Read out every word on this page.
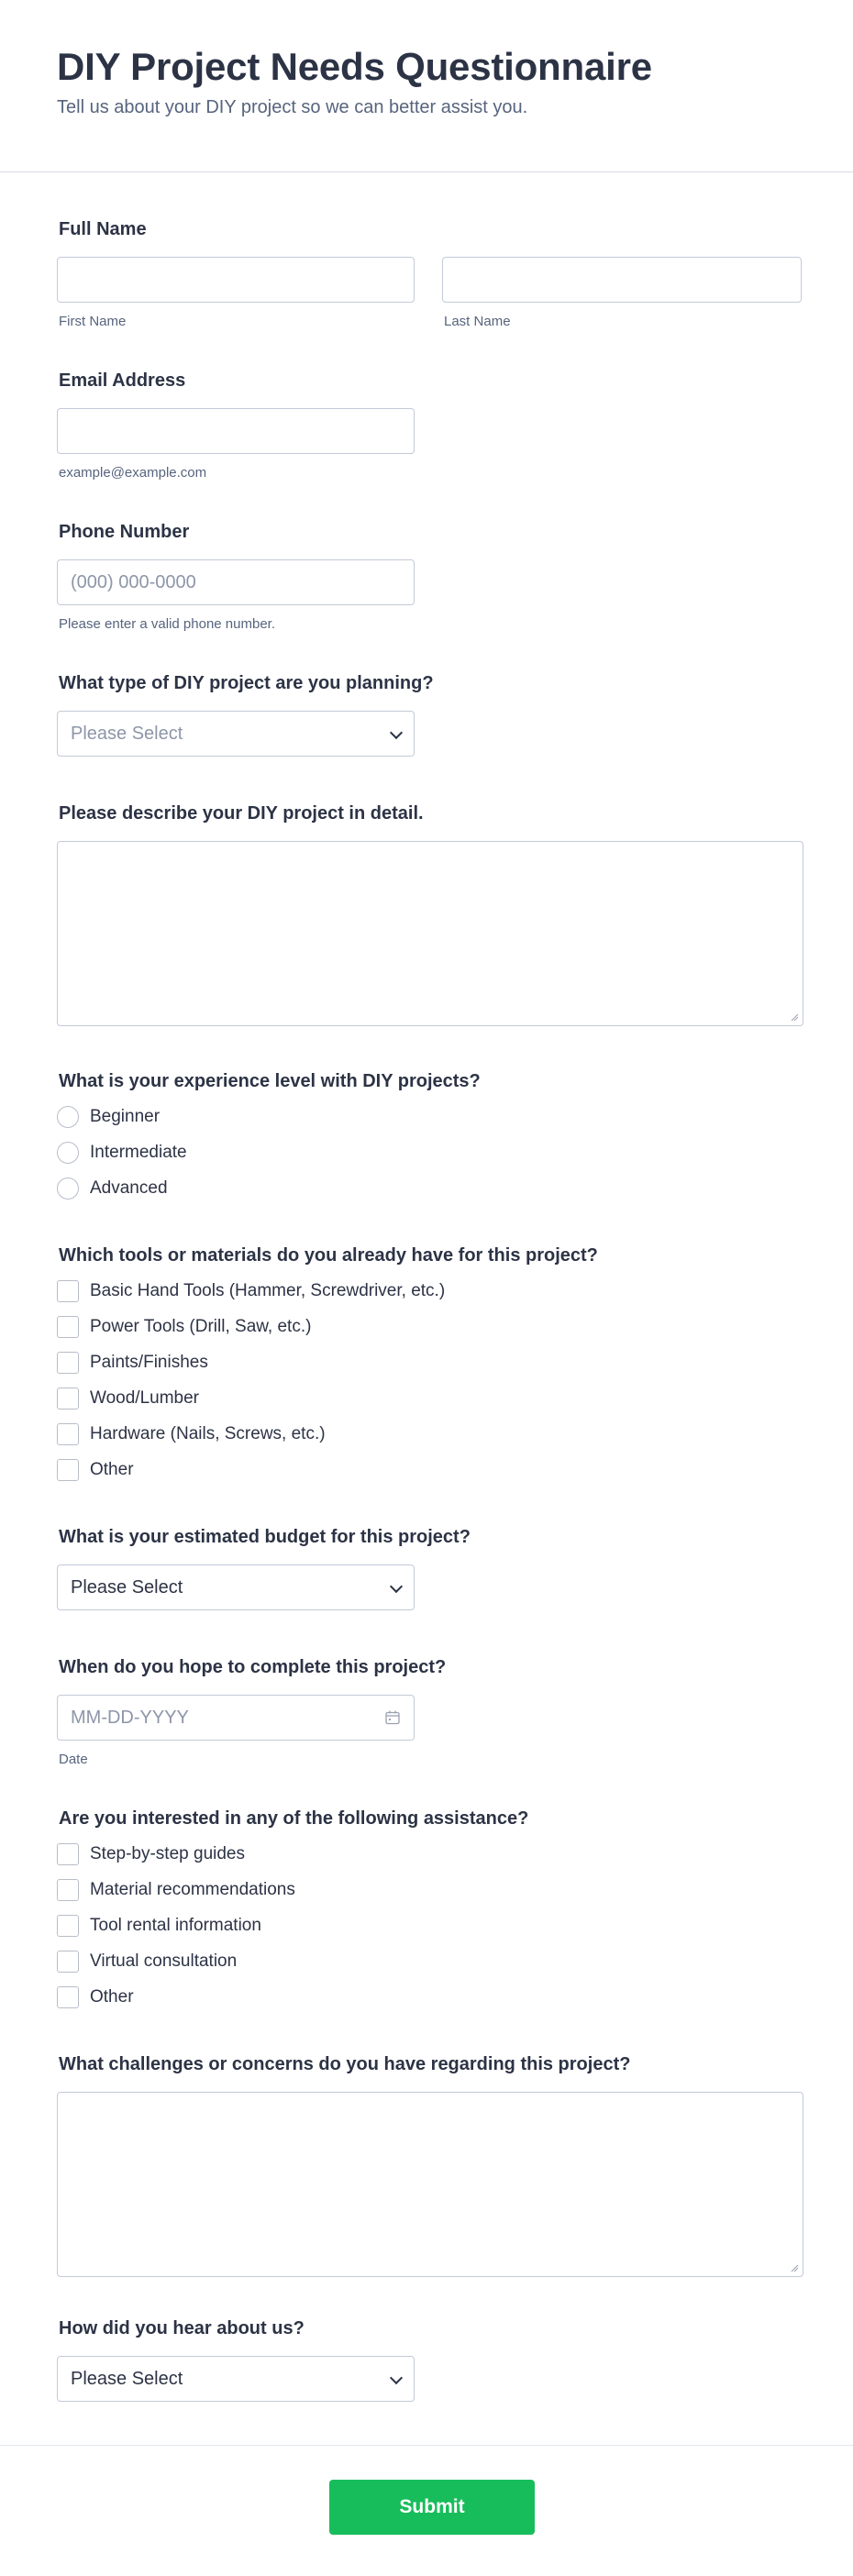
DIY Project Needs Questionnaire
Tell us about your DIY project so we can better assist you.
Full Name
First Name	Last Name
Email Address
example@example.com
Phone Number
(000) 000-0000
Please enter a valid phone number.
What type of DIY project are you planning?
Please Select
Please describe your DIY project in detail.
What is your experience level with DIY projects?
Beginner
Intermediate
Advanced
Which tools or materials do you already have for this project?
Basic Hand Tools (Hammer, Screwdriver, etc.)
Power Tools (Drill, Saw, etc.)
Paints/Finishes
Wood/Lumber
Hardware (Nails, Screws, etc.)
Other
What is your estimated budget for this project?
Please Select
When do you hope to complete this project?
MM-DD-YYYY
Date
Are you interested in any of the following assistance?
Step-by-step guides
Material recommendations
Tool rental information
Virtual consultation
Other
What challenges or concerns do you have regarding this project?
How did you hear about us?
Please Select
Submit
